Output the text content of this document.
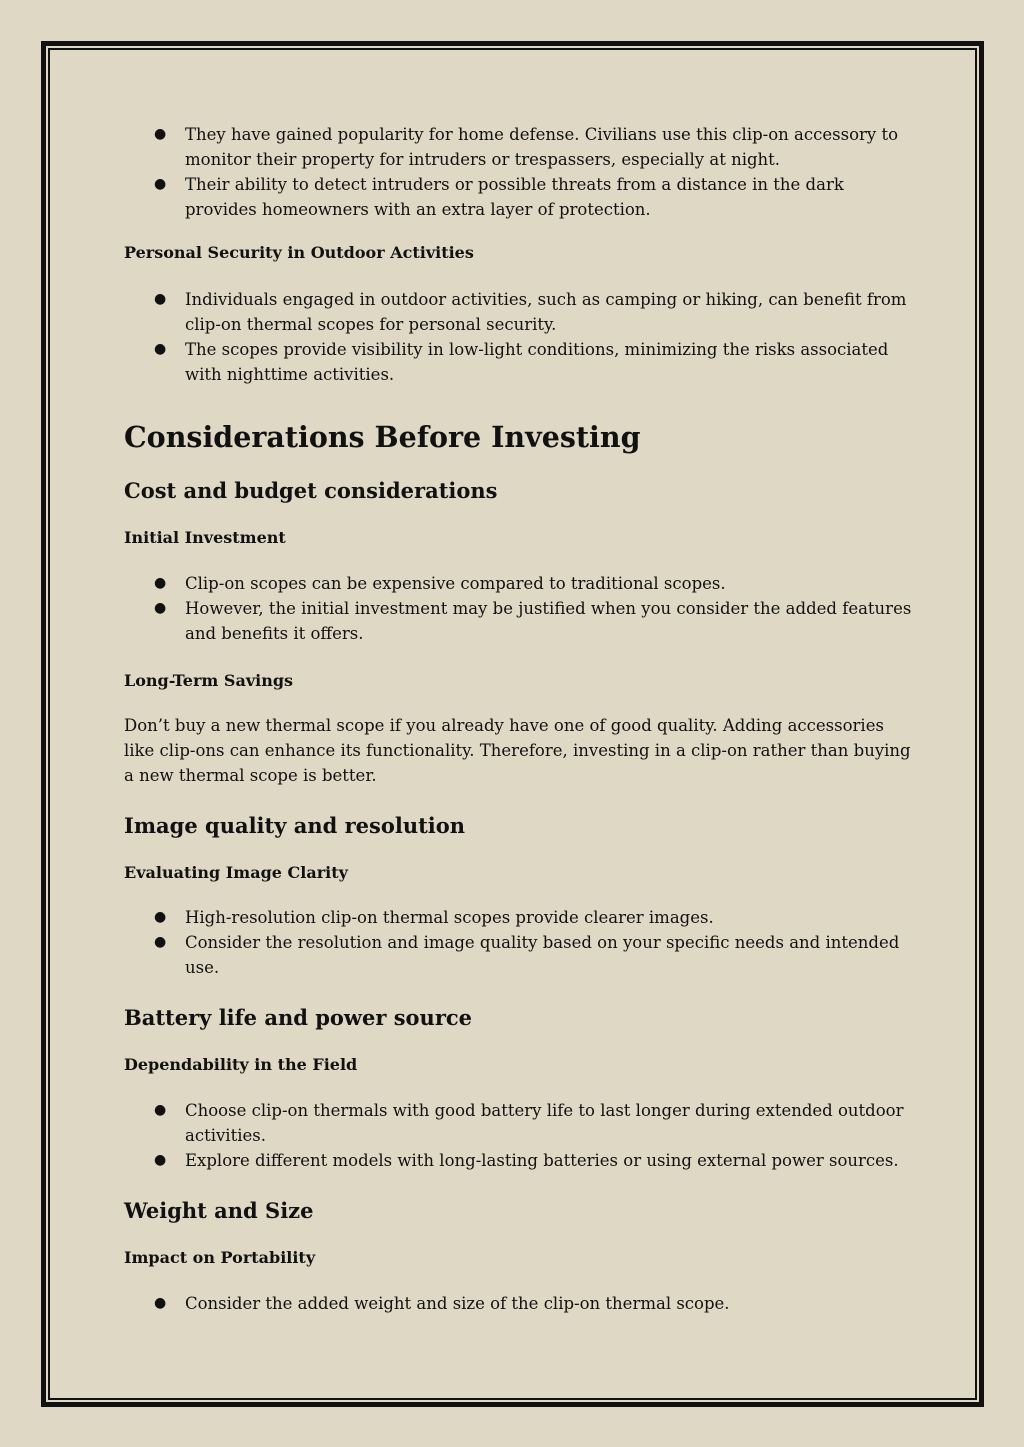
● They have gained popularity for home defense. Civilians use this clip-on accessory to monitor their property for intruders or trespassers, especially at night.
● Their ability to detect intruders or possible threats from a distance in the dark provides homeowners with an extra layer of protection.
Personal Security in Outdoor Activities
● Individuals engaged in outdoor activities, such as camping or hiking, can benefit from clip-on thermal scopes for personal security.
● The scopes provide visibility in low-light conditions, minimizing the risks associated with nighttime activities.
Considerations Before Investing
Cost and budget considerations
Initial Investment
● Clip-on scopes can be expensive compared to traditional scopes.
● However, the initial investment may be justified when you consider the added features and benefits it offers.
Long-Term Savings

Don’t buy a new thermal scope if you already have one of good quality. Adding accessories like clip-ons can enhance its functionality. Therefore, investing in a clip-on rather than buying a new thermal scope is better.

Image quality and resolution
Evaluating Image Clarity
● High-resolution clip-on thermal scopes provide clearer images.
● Consider the resolution and image quality based on your specific needs and intended use.
Battery life and power source
Dependability in the Field
● Choose clip-on thermals with good battery life to last longer during extended outdoor activities.
● Explore different models with long-lasting batteries or using external power sources.
Weight and Size
Impact on Portability
● Consider the added weight and size of the clip-on thermal scope.
